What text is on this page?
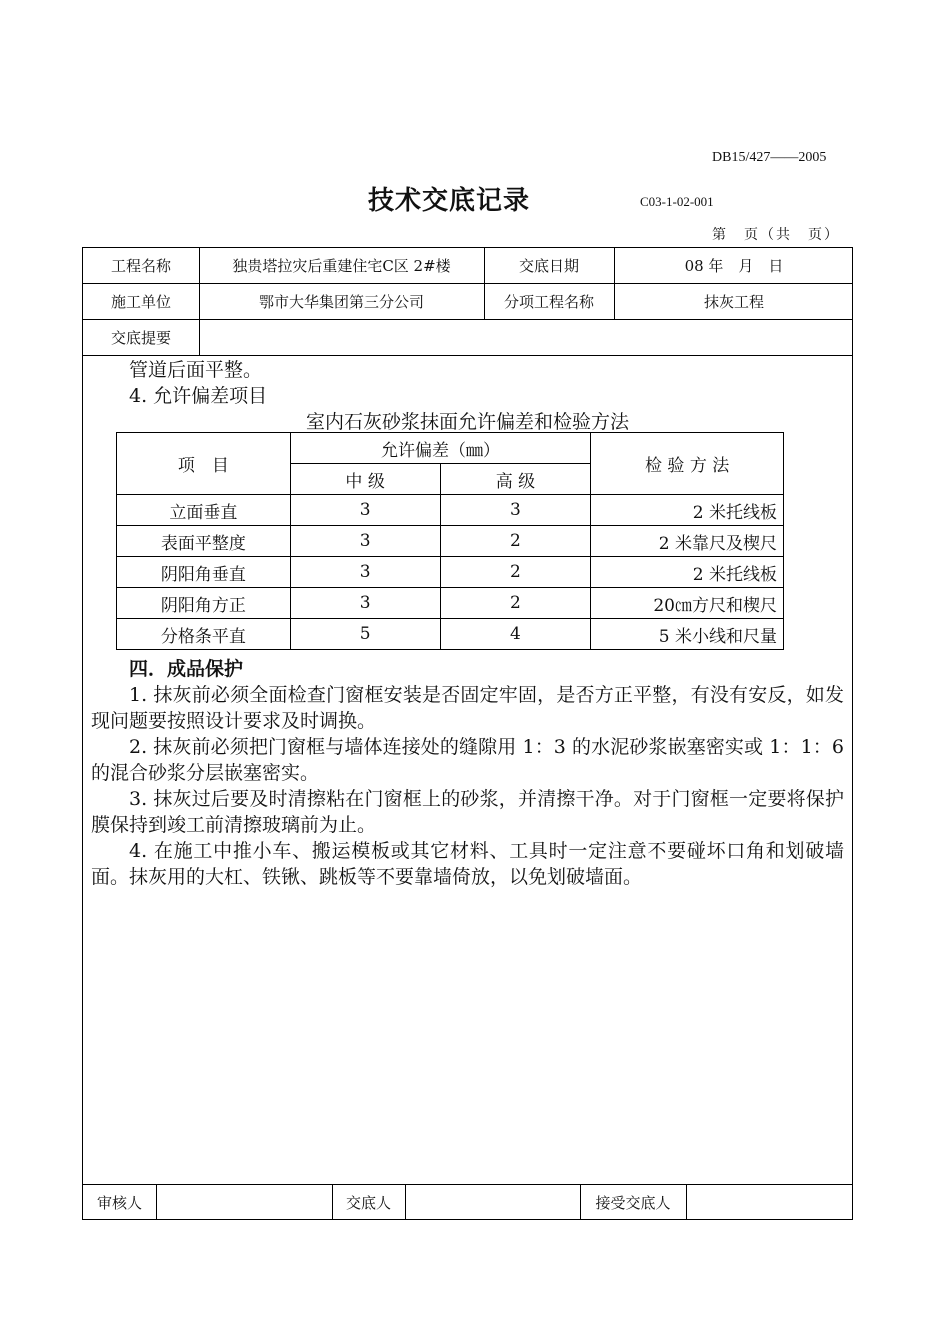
DB15/427——2005
技术交底记录	C03-1-02-001
第　页（共　页）
工程名称	独贵塔拉灾后重建住宅C区 2#楼	交底日期	08 年　月　日
施工单位	鄂市大华集团第三分公司	分项工程名称	抹灰工程
交底提要

管道后面平整。

4. 允许偏差项目

室内石灰砂浆抹面允许偏差和检验方法
项　目	允许偏差（㎜）		检 验 方 法
	中 级	高 级	
立面垂直	3	3	2 米托线板
表面平整度	3	2	2 米靠尺及楔尺
阴阳角垂直	3	2	2 米托线板
阴阳角方正	3	2	20㎝方尺和楔尺
分格条平直	5	4	5 米小线和尺量

四．成品保护

1. 抹灰前必须全面检查门窗框安装是否固定牢固，是否方正平整，有没有安反，如发现问题要按照设计要求及时调换。

2. 抹灰前必须把门窗框与墙体连接处的缝隙用 1：3 的水泥砂浆嵌塞密实或 1：1：6 的混合砂浆分层嵌塞密实。

3. 抹灰过后要及时清擦粘在门窗框上的砂浆，并清擦干净。对于门窗框一定要将保护膜保持到竣工前清擦玻璃前为止。

4. 在施工中推小车、搬运模板或其它材料、工具时一定注意不要碰坏口角和划破墙面。抹灰用的大杠、铁锹、跳板等不要靠墙倚放，以免划破墙面。

审核人	交底人	接受交底人
